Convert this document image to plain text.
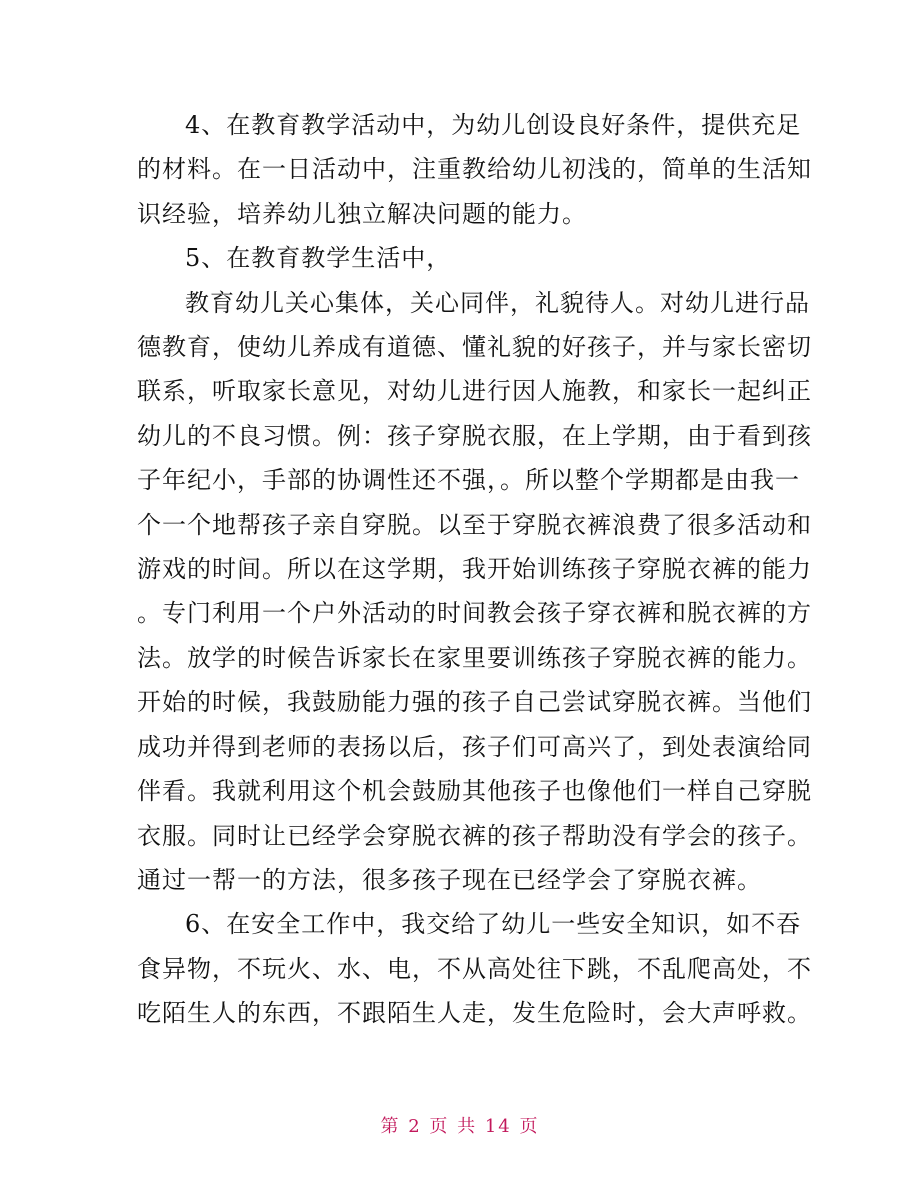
4、在教育教学活动中，为幼儿创设良好条件，提供充足
的材料。在一日活动中，注重教给幼儿初浅的，简单的生活知
识经验，培养幼儿独立解决问题的能力。

5、在教育教学生活中，

教育幼儿关心集体，关心同伴，礼貌待人。对幼儿进行品
德教育，使幼儿养成有道德、懂礼貌的好孩子，并与家长密切
联系，听取家长意见，对幼儿进行因人施教，和家长一起纠正
幼儿的不良习惯。例：孩子穿脱衣服，在上学期，由于看到孩
子年纪小，手部的协调性还不强，。所以整个学期都是由我一
个一个地帮孩子亲自穿脱。以至于穿脱衣裤浪费了很多活动和
游戏的时间。所以在这学期，我开始训练孩子穿脱衣裤的能力
。专门利用一个户外活动的时间教会孩子穿衣裤和脱衣裤的方
法。放学的时候告诉家长在家里要训练孩子穿脱衣裤的能力。
开始的时候，我鼓励能力强的孩子自己尝试穿脱衣裤。当他们
成功并得到老师的表扬以后，孩子们可高兴了，到处表演给同
伴看。我就利用这个机会鼓励其他孩子也像他们一样自己穿脱
衣服。同时让已经学会穿脱衣裤的孩子帮助没有学会的孩子。
通过一帮一的方法，很多孩子现在已经学会了穿脱衣裤。

6、在安全工作中，我交给了幼儿一些安全知识，如不吞
食异物，不玩火、水、电，不从高处往下跳，不乱爬高处，不
吃陌生人的东西，不跟陌生人走，发生危险时，会大声呼救。

第 2 页 共 14 页
